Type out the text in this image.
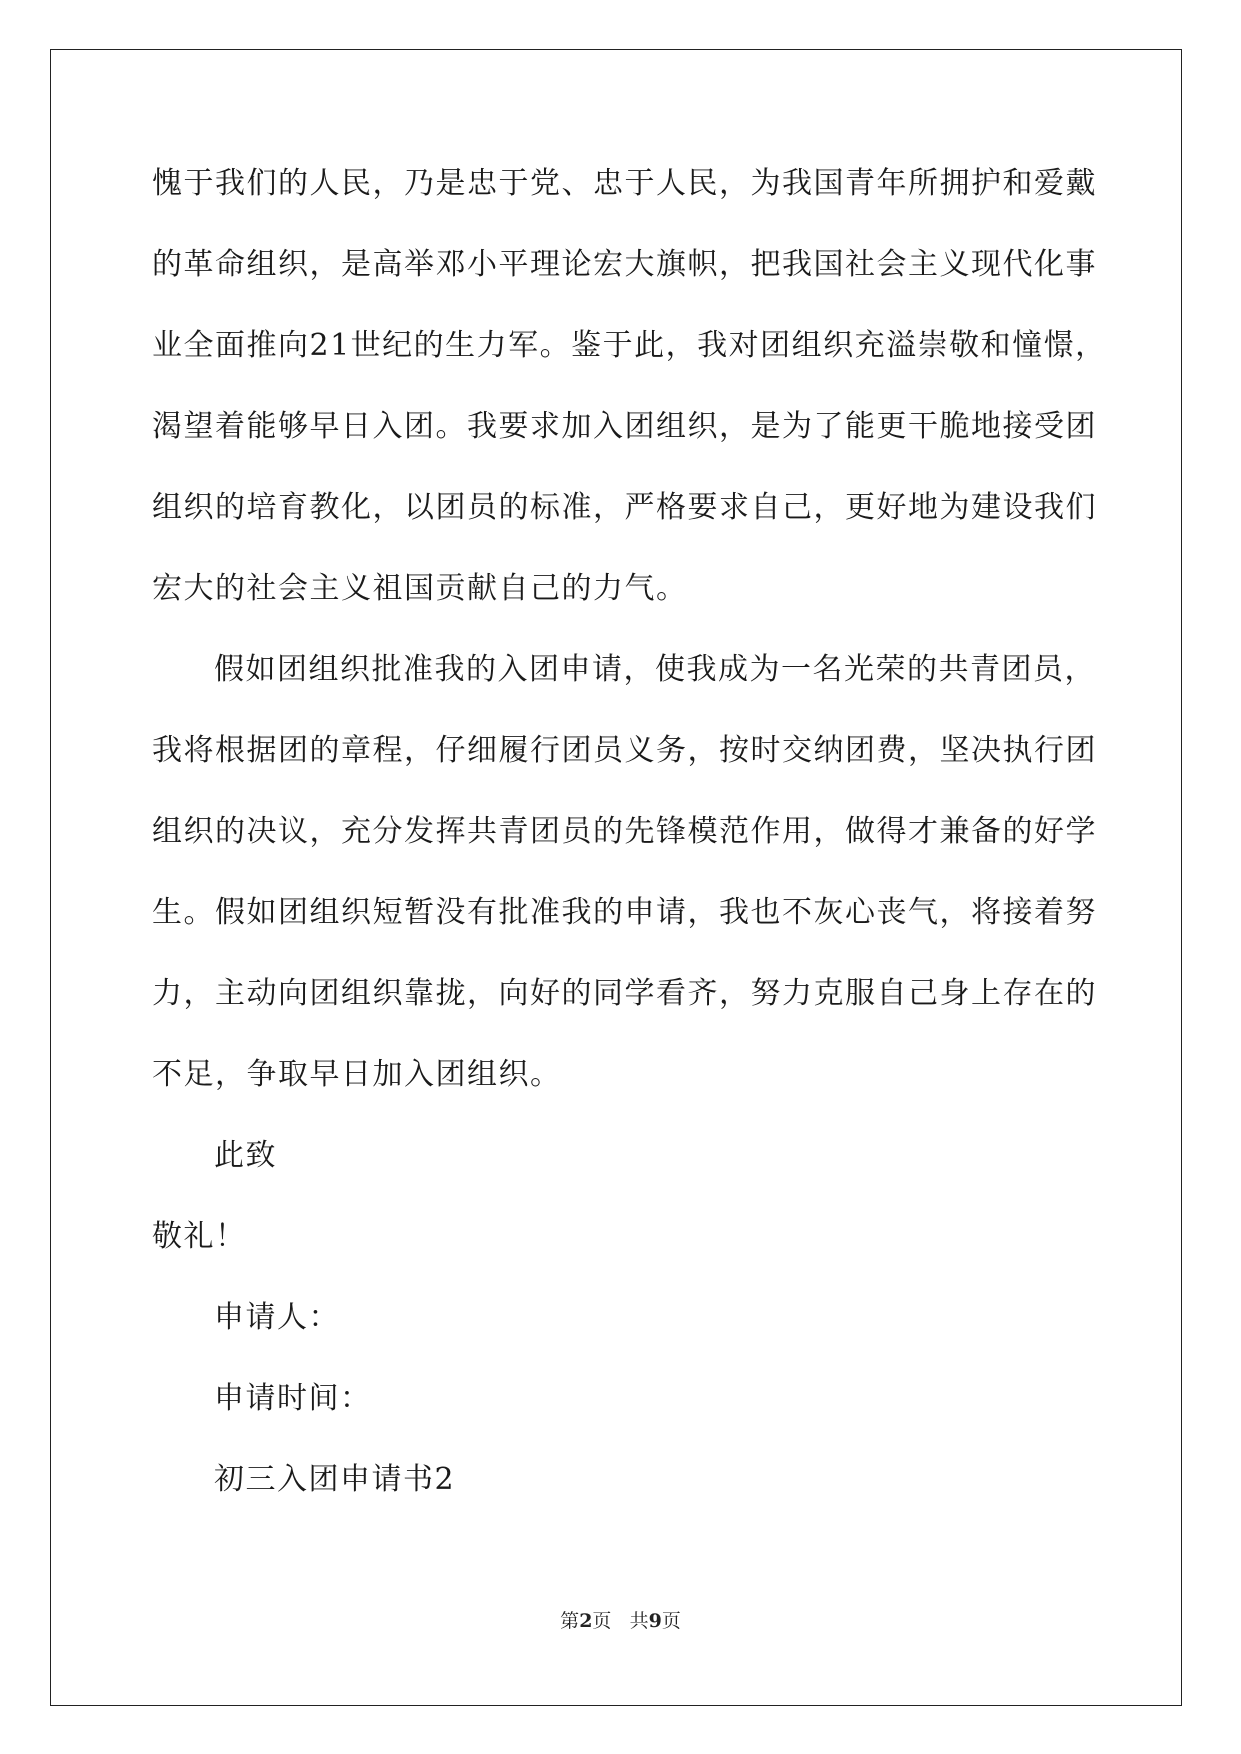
愧于我们的人民，乃是忠于党、忠于人民，为我国青年所拥护和爱戴
的革命组织，是高举邓小平理论宏大旗帜，把我国社会主义现代化事
业全面推向21世纪的生力军。鉴于此，我对团组织充溢崇敬和憧憬，
渴望着能够早日入团。我要求加入团组织，是为了能更干脆地接受团
组织的培育教化，以团员的标准，严格要求自己，更好地为建设我们
宏大的社会主义祖国贡献自己的力气。
假如团组织批准我的入团申请，使我成为一名光荣的共青团员，
我将根据团的章程，仔细履行团员义务，按时交纳团费，坚决执行团
组织的决议，充分发挥共青团员的先锋模范作用，做得才兼备的好学
生。假如团组织短暂没有批准我的申请，我也不灰心丧气，将接着努
力，主动向团组织靠拢，向好的同学看齐，努力克服自己身上存在的
不足，争取早日加入团组织。
此致
敬礼！
申请人：
申请时间：
初三入团申请书2
第2页 共9页
